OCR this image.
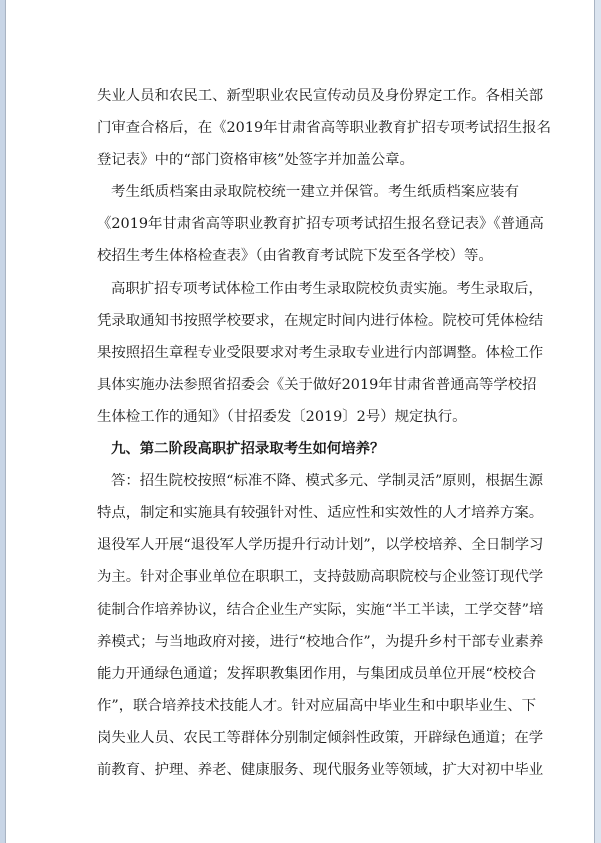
失业人员和农民工、新型职业农民宣传动员及身份界定工作。各相关部
门审查合格后，在《2019年甘肃省高等职业教育扩招专项考试招生报名
登记表》中的“部门资格审核”处签字并加盖公章。
考生纸质档案由录取院校统一建立并保管。考生纸质档案应装有
《2019年甘肃省高等职业教育扩招专项考试招生报名登记表》《普通高
校招生考生体格检查表》（由省教育考试院下发至各学校）等。
高职扩招专项考试体检工作由考生录取院校负责实施。考生录取后，
凭录取通知书按照学校要求，在规定时间内进行体检。院校可凭体检结
果按照招生章程专业受限要求对考生录取专业进行内部调整。体检工作
具体实施办法参照省招委会《关于做好2019年甘肃省普通高等学校招
生体检工作的通知》（甘招委发〔2019〕2号）规定执行。
九、第二阶段高职扩招录取考生如何培养？
答：招生院校按照“标准不降、模式多元、学制灵活”原则，根据生源
特点，制定和实施具有较强针对性、适应性和实效性的人才培养方案。
退役军人开展“退役军人学历提升行动计划”，以学校培养、全日制学习
为主。针对企事业单位在职职工，支持鼓励高职院校与企业签订现代学
徒制合作培养协议，结合企业生产实际，实施“半工半读，工学交替”培
养模式；与当地政府对接，进行“校地合作”，为提升乡村干部专业素养
能力开通绿色通道；发挥职教集团作用，与集团成员单位开展“校校合
作”，联合培养技术技能人才。针对应届高中毕业生和中职毕业生、下
岗失业人员、农民工等群体分别制定倾斜性政策，开辟绿色通道；在学
前教育、护理、养老、健康服务、现代服务业等领域，扩大对初中毕业
